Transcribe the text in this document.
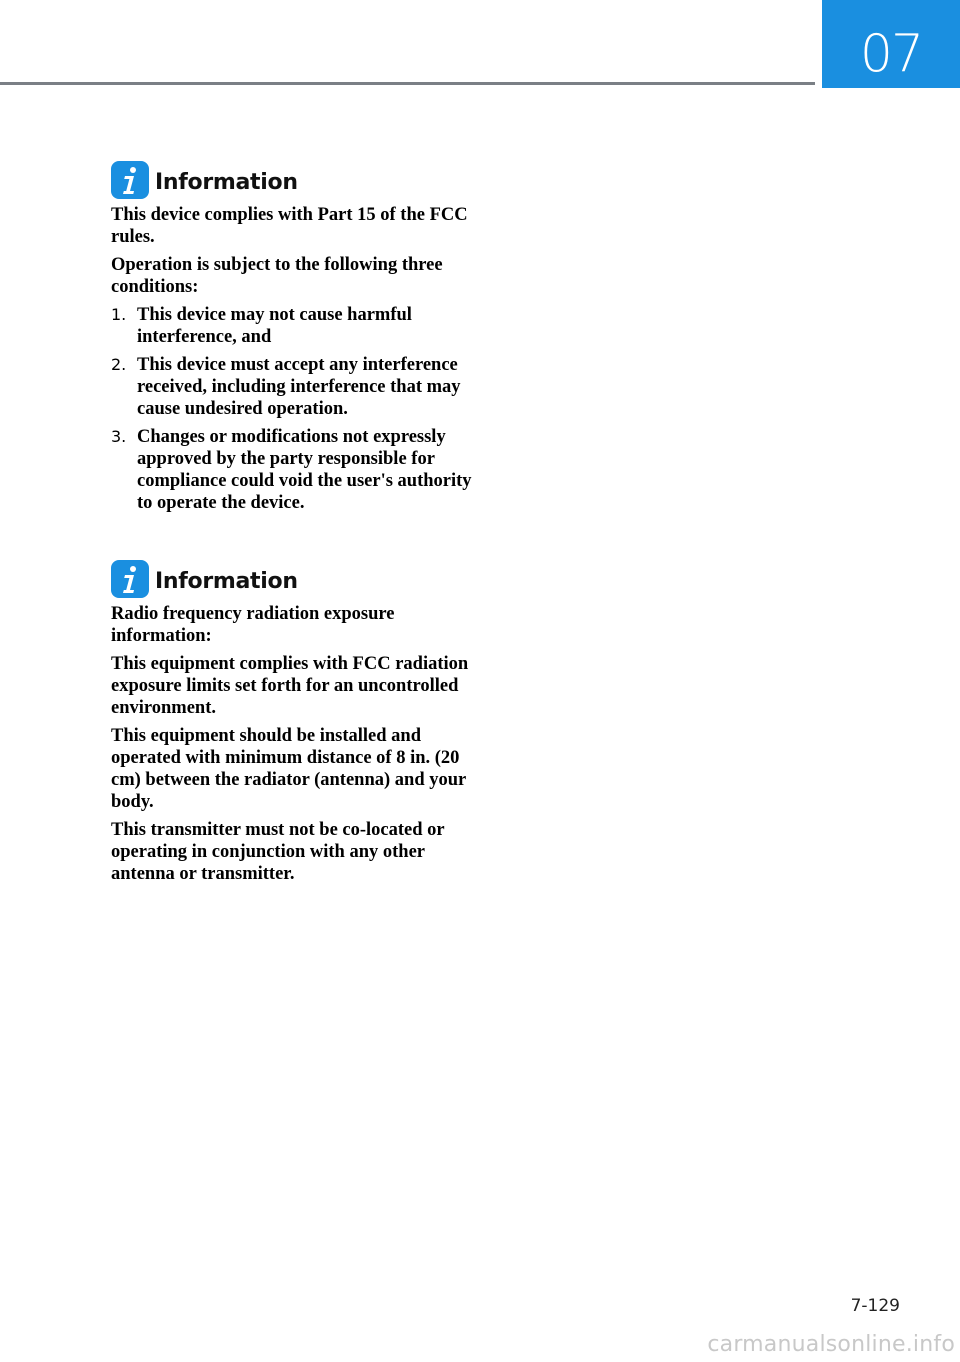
07
Information

This device complies with Part 15 of the FCC rules.

Operation is subject to the following three conditions:

1. This device may not cause harmful interference, and
2. This device must accept any interference received, including interference that may cause undesired operation.
3. Changes or modifications not expressly approved by the party responsible for compliance could void the user's authority to operate the device.
Information

Radio frequency radiation exposure information:

This equipment complies with FCC radiation exposure limits set forth for an uncontrolled environment.

This equipment should be installed and operated with minimum distance of 8 in. (20 cm) between the radiator (antenna) and your body.

This transmitter must not be co-located or operating in conjunction with any other antenna or transmitter.

7-129
carmanualsonline.info
